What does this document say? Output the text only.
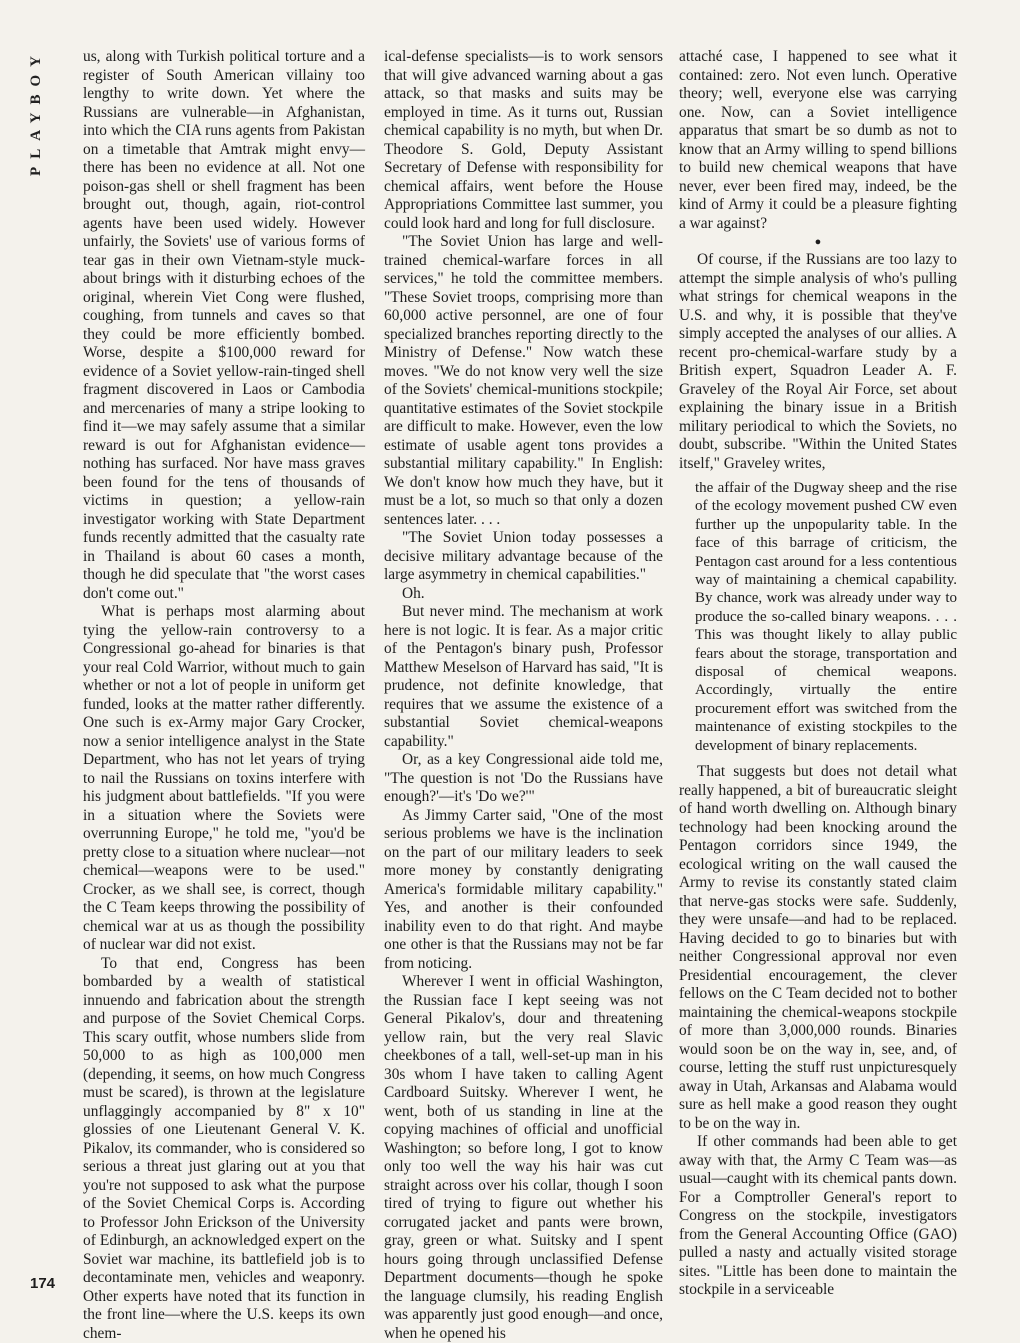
PLAYBOY	us, along with Turkish political torture and a register of South American villainy too lengthy to write down. Yet where the Russians are vulnerable—in Afghanistan, into which the CIA runs agents from Pakistan on a timetable that Amtrak might envy—there has been no evidence at all. Not one poison-gas shell or shell fragment has been brought out, though, again, riot-control agents have been used widely. However unfairly, the Soviets' use of various forms of tear gas in their own Vietnam-style muck-about brings with it disturbing echoes of the original, wherein Viet Cong were flushed, coughing, from tunnels and caves so that they could be more efficiently bombed. Worse, despite a $100,000 reward for evidence of a Soviet yellow-rain-tinged shell fragment discovered in Laos or Cambodia and mercenaries of many a stripe looking to find it—we may safely assume that a similar reward is out for Afghanistan evidence—nothing has surfaced. Nor have mass graves been found for the tens of thousands of victims in question; a yellow-rain investigator working with State Department funds recently admitted that the casualty rate in Thailand is about 60 cases a month, though he did speculate that "the worst cases don't come out."

What is perhaps most alarming about tying the yellow-rain controversy to a Congressional go-ahead for binaries is that your real Cold Warrior, without much to gain whether or not a lot of people in uniform get funded, looks at the matter rather differently. One such is ex-Army major Gary Crocker, now a senior intelligence analyst in the State Department, who has not let years of trying to nail the Russians on toxins interfere with his judgment about battlefields. "If you were in a situation where the Soviets were overrunning Europe," he told me, "you'd be pretty close to a situation where nuclear—not chemical—weapons were to be used." Crocker, as we shall see, is correct, though the C Team keeps throwing the possibility of chemical war at us as though the possibility of nuclear war did not exist.

To that end, Congress has been bombarded by a wealth of statistical innuendo and fabrication about the strength and purpose of the Soviet Chemical Corps. This scary outfit, whose numbers slide from 50,000 to as high as 100,000 men (depending, it seems, on how much Congress must be scared), is thrown at the legislature unflaggingly accompanied by 8" x 10" glossies of one Lieutenant General V. K. Pikalov, its commander, who is considered so serious a threat just glaring out at you that you're not supposed to ask what the purpose of the Soviet Chemical Corps is. According to Professor John Erickson of the University of Edinburgh, an acknowledged expert on the Soviet war machine, its battlefield job is to decontaminate men, vehicles and weaponry. Other experts have noted that its function in the front line—where the U.S. keeps its own chem-

ical-defense specialists—is to work sensors that will give advanced warning about a gas attack, so that masks and suits may be employed in time. As it turns out, Russian chemical capability is no myth, but when Dr. Theodore S. Gold, Deputy Assistant Secretary of Defense with responsibility for chemical affairs, went before the House Appropriations Committee last summer, you could look hard and long for full disclosure.

"The Soviet Union has large and well-trained chemical-warfare forces in all services," he told the committee members. "These Soviet troops, comprising more than 60,000 active personnel, are one of four specialized branches reporting directly to the Ministry of Defense." Now watch these moves. "We do not know very well the size of the Soviets' chemical-munitions stockpile; quantitative estimates of the Soviet stockpile are difficult to make. However, even the low estimate of usable agent tons provides a substantial military capability." In English: We don't know how much they have, but it must be a lot, so much so that only a dozen sentences later. . . .

"The Soviet Union today possesses a decisive military advantage because of the large asymmetry in chemical capabilities."

Oh.

But never mind. The mechanism at work here is not logic. It is fear. As a major critic of the Pentagon's binary push, Professor Matthew Meselson of Harvard has said, "It is prudence, not definite knowledge, that requires that we assume the existence of a substantial Soviet chemical-weapons capability."

Or, as a key Congressional aide told me, "The question is not 'Do the Russians have enough?'—it's 'Do we?'"

As Jimmy Carter said, "One of the most serious problems we have is the inclination on the part of our military leaders to seek more money by constantly denigrating America's formidable military capability." Yes, and another is their confounded inability even to do that right. And maybe one other is that the Russians may not be far from noticing.

Wherever I went in official Washington, the Russian face I kept seeing was not General Pikalov's, dour and threatening yellow rain, but the very real Slavic cheekbones of a tall, well-set-up man in his 30s whom I have taken to calling Agent Cardboard Suitsky. Wherever I went, he went, both of us standing in line at the copying machines of official and unofficial Washington; so before long, I got to know only too well the way his hair was cut straight across over his collar, though I soon tired of trying to figure out whether his corrugated jacket and pants were brown, gray, green or what. Suitsky and I spent hours going through unclassified Defense Department documents—though he spoke the language clumsily, his reading English was apparently just good enough—and once, when he opened his

attaché case, I happened to see what it contained: zero. Not even lunch. Operative theory; well, everyone else was carrying one. Now, can a Soviet intelligence apparatus that smart be so dumb as not to know that an Army willing to spend billions to build new chemical weapons that have never, ever been fired may, indeed, be the kind of Army it could be a pleasure fighting a war against?

●

Of course, if the Russians are too lazy to attempt the simple analysis of who's pulling what strings for chemical weapons in the U.S. and why, it is possible that they've simply accepted the analyses of our allies. A recent pro-chemical-warfare study by a British expert, Squadron Leader A. F. Graveley of the Royal Air Force, set about explaining the binary issue in a British military periodical to which the Soviets, no doubt, subscribe. "Within the United States itself," Graveley writes,

the affair of the Dugway sheep and the rise of the ecology movement pushed CW even further up the unpopularity table. In the face of this barrage of criticism, the Pentagon cast around for a less contentious way of maintaining a chemical capability. By chance, work was already under way to produce the so-called binary weapons. . . . This was thought likely to allay public fears about the storage, transportation and disposal of chemical weapons. Accordingly, virtually the entire procurement effort was switched from the maintenance of existing stockpiles to the development of binary replacements.

That suggests but does not detail what really happened, a bit of bureaucratic sleight of hand worth dwelling on. Although binary technology had been knocking around the Pentagon corridors since 1949, the ecological writing on the wall caused the Army to revise its constantly stated claim that nerve-gas stocks were safe. Suddenly, they were unsafe—and had to be replaced. Having decided to go to binaries but with neither Congressional approval nor even Presidential encouragement, the clever fellows on the C Team decided not to bother maintaining the chemical-weapons stockpile of more than 3,000,000 rounds. Binaries would soon be on the way in, see, and, of course, letting the stuff rust unpicturesquely away in Utah, Arkansas and Alabama would sure as hell make a good reason they ought to be on the way in.

If other commands had been able to get away with that, the Army C Team was—as usual—caught with its chemical pants down. For a Comptroller General's report to Congress on the stockpile, investigators from the General Accounting Office (GAO) pulled a nasty and actually visited storage sites. "Little has been done to maintain the stockpile in a serviceable

174
